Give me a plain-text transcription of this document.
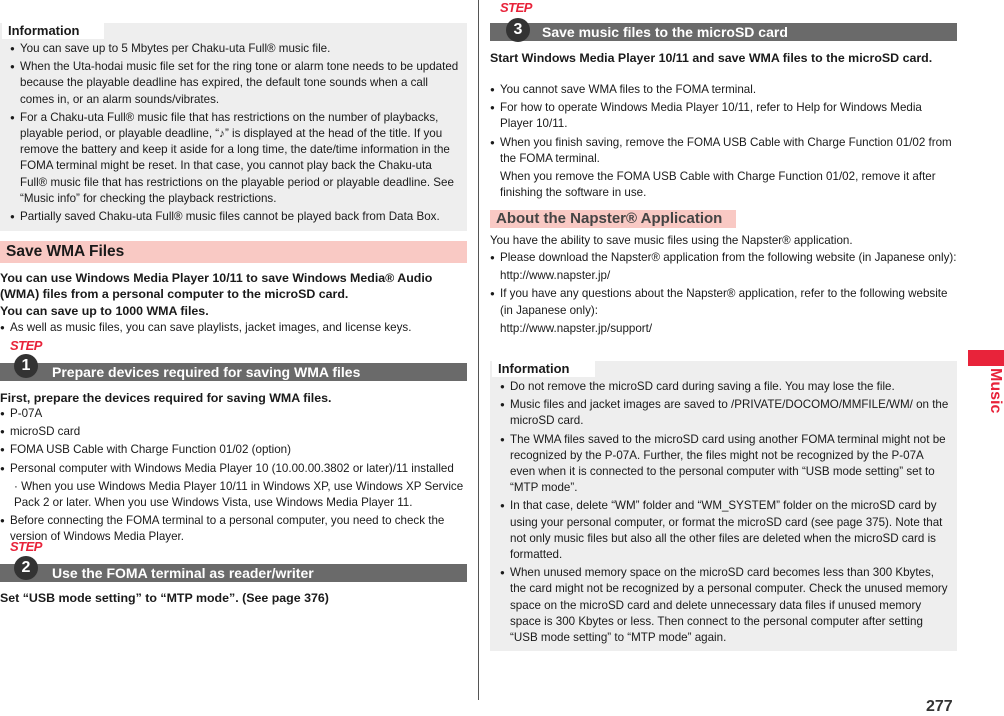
Information
● You can save up to 5 Mbytes per Chaku-uta Full® music file.
● When the Uta-hodai music file set for the ring tone or alarm tone needs to be updated because the playable deadline has expired, the default tone sounds when a call comes in, or an alarm sounds/vibrates.
● For a Chaku-uta Full® music file that has restrictions on the number of playbacks, playable period, or playable deadline, “♪” is displayed at the head of the title. If you remove the battery and keep it aside for a long time, the date/time information in the FOMA terminal might be reset. In that case, you cannot play back the Chaku-uta Full® music file that has restrictions on the playable period or playable deadline. See “Music info” for checking the playback restrictions.
● Partially saved Chaku-uta Full® music files cannot be played back from Data Box.
Save WMA Files
You can use Windows Media Player 10/11 to save Windows Media® Audio (WMA) files from a personal computer to the microSD card.
You can save up to 1000 WMA files.
● As well as music files, you can save playlists, jacket images, and license keys.
STEP
Prepare devices required for saving WMA files
1
First, prepare the devices required for saving WMA files.
● P-07A
● microSD card
● FOMA USB Cable with Charge Function 01/02 (option)
● Personal computer with Windows Media Player 10 (10.00.00.3802 or later)/11 installed
· When you use Windows Media Player 10/11 in Windows XP, use Windows XP Service Pack 2 or later. When you use Windows Vista, use Windows Media Player 11.
● Before connecting the FOMA terminal to a personal computer, you need to check the version of Windows Media Player.
STEP
Use the FOMA terminal as reader/writer
2
Set “USB mode setting” to “MTP mode”. (See page 376)
STEP
Save music files to the microSD card
3
Start Windows Media Player 10/11 and save WMA files to the microSD card.
● You cannot save WMA files to the FOMA terminal.
● For how to operate Windows Media Player 10/11, refer to Help for Windows Media Player 10/11.
● When you finish saving, remove the FOMA USB Cable with Charge Function 01/02 from the FOMA terminal.
When you remove the FOMA USB Cable with Charge Function 01/02, remove it after finishing the software in use.
About the Napster® Application
You have the ability to save music files using the Napster® application.
● Please download the Napster® application from the following website (in Japanese only):
http://www.napster.jp/
● If you have any questions about the Napster® application, refer to the following website (in Japanese only):
http://www.napster.jp/support/
Information
● Do not remove the microSD card during saving a file. You may lose the file.
● Music files and jacket images are saved to /PRIVATE/DOCOMO/MMFILE/WM/ on the microSD card.
● The WMA files saved to the microSD card using another FOMA terminal might not be recognized by the P-07A. Further, the files might not be recognized by the P-07A even when it is connected to the personal computer with “USB mode setting” set to “MTP mode”.
● In that case, delete “WM” folder and “WM_SYSTEM” folder on the microSD card by using your personal computer, or format the microSD card (see page 375). Note that not only music files but also all the other files are deleted when the microSD card is formatted.
● When unused memory space on the microSD card becomes less than 300 Kbytes, the card might not be recognized by a personal computer. Check the unused memory space on the microSD card and delete unnecessary data files if unused memory space is 300 Kbytes or less. Then connect to the personal computer after setting “USB mode setting” to “MTP mode” again.
Music
277
